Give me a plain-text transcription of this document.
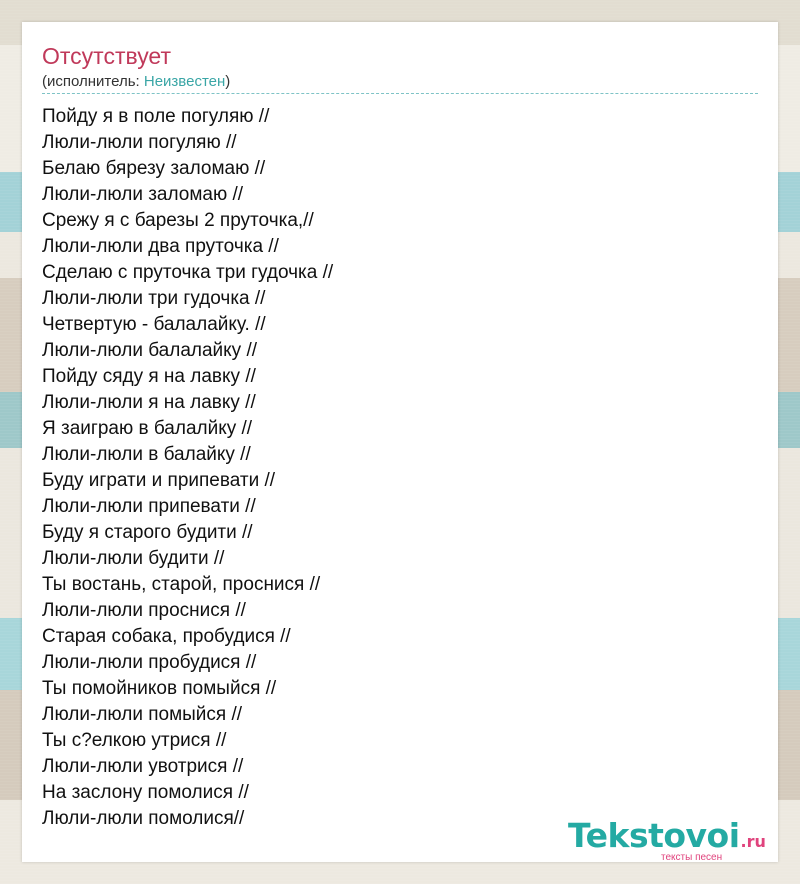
Отсутствует
(исполнитель: Неизвестен)
Пойду я в поле погуляю //
Люли-люли погуляю //
Белаю бярезу заломаю //
Люли-люли заломаю //
Срежу я с барезы 2 пруточка,//
Люли-люли два пруточка //
Сделаю с пруточка три гудочка //
Люли-люли три гудочка //
Четвертую - балалайку. //
Люли-люли балалайку //
Пойду сяду я на лавку //
Люли-люли я на лавку //
Я заиграю в балалйку //
Люли-люли в балайку //
Буду играти и припевати //
Люли-люли припевати //
Буду я старого будити //
Люли-люли будити //
Ты востань, старой, проснися //
Люли-люли проснися //
Старая собака, пробудися //
Люли-люли пробудися //
Ты помойников помыйся //
Люли-люли помыйся //
Ты с?елкою утрися //
Люли-люли увотрися //
На заслону помолися //
Люли-люли помолися//	Tekstovoi.ru
тексты песен
